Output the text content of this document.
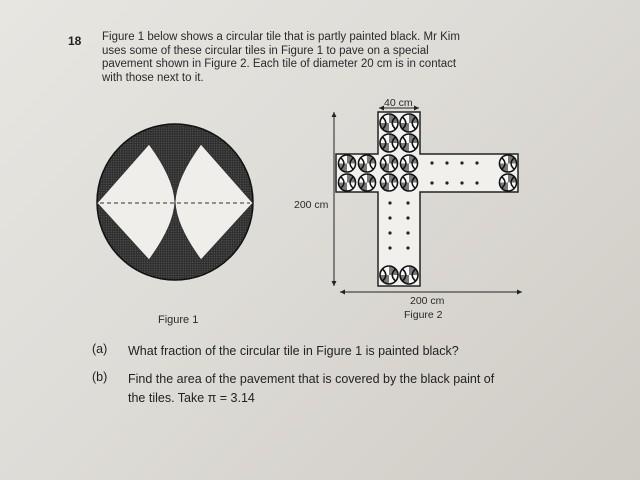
18 Figure 1 below shows a circular tile that is partly painted black. Mr Kim
uses some of these circular tiles in Figure 1 to pave on a special
pavement shown in Figure 2. Each tile of diameter 20 cm is in contact
with those next to it.

Figure 1
40 cm
200 cm
200 cm
Figure 2
(a) What fraction of the circular tile in Figure 1 is painted black?
(b) Find the area of the pavement that is covered by the black paint of
the tiles. Take π = 3.14
